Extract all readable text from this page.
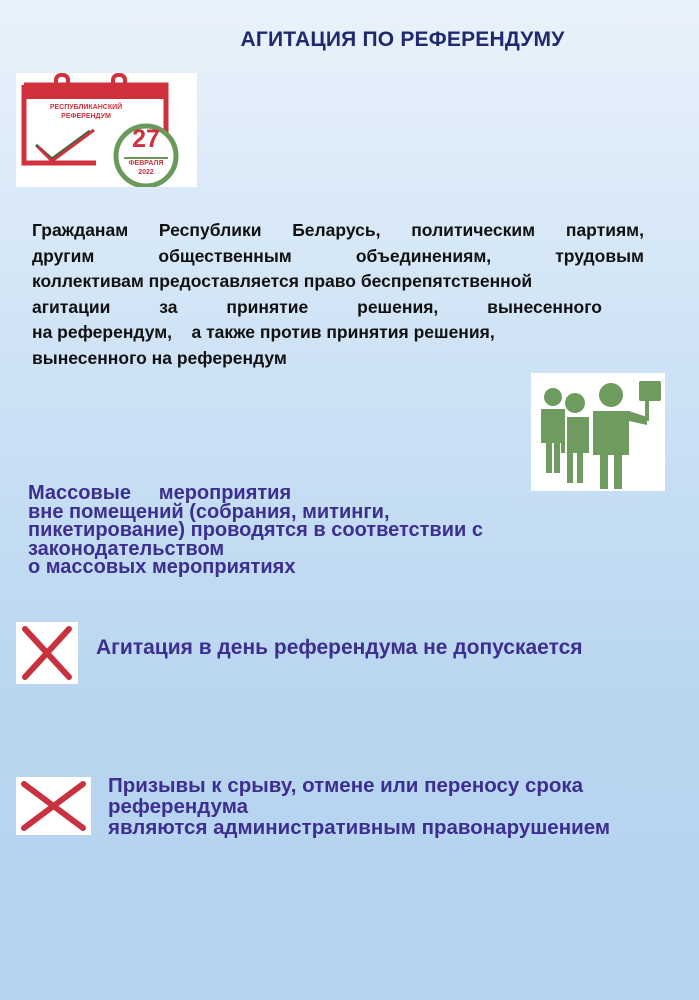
АГИТАЦИЯ ПО РЕФЕРЕНДУМУ
РЕСПУБЛИКАНСКИЙ
РЕФЕРЕНДУМ
27
ФЕВРАЛЯ
2022
Гражданам Республики Беларусь, политическим партиям,
другим общественным объединениям, трудовым
коллективам предоставляется право беспрепятственной
агитации за принятие решения, вынесенного
на референдум,    а также против принятия решения,
вынесенного на референдум
Массовые     мероприятия
вне помещений (собрания, митинги,
пикетирование) проводятся в соответствии с
законодательством
о массовых мероприятиях
Агитация в день референдума не допускается
Призывы к срыву, отмене или переносу срока
референдума
являются административным правонарушением
